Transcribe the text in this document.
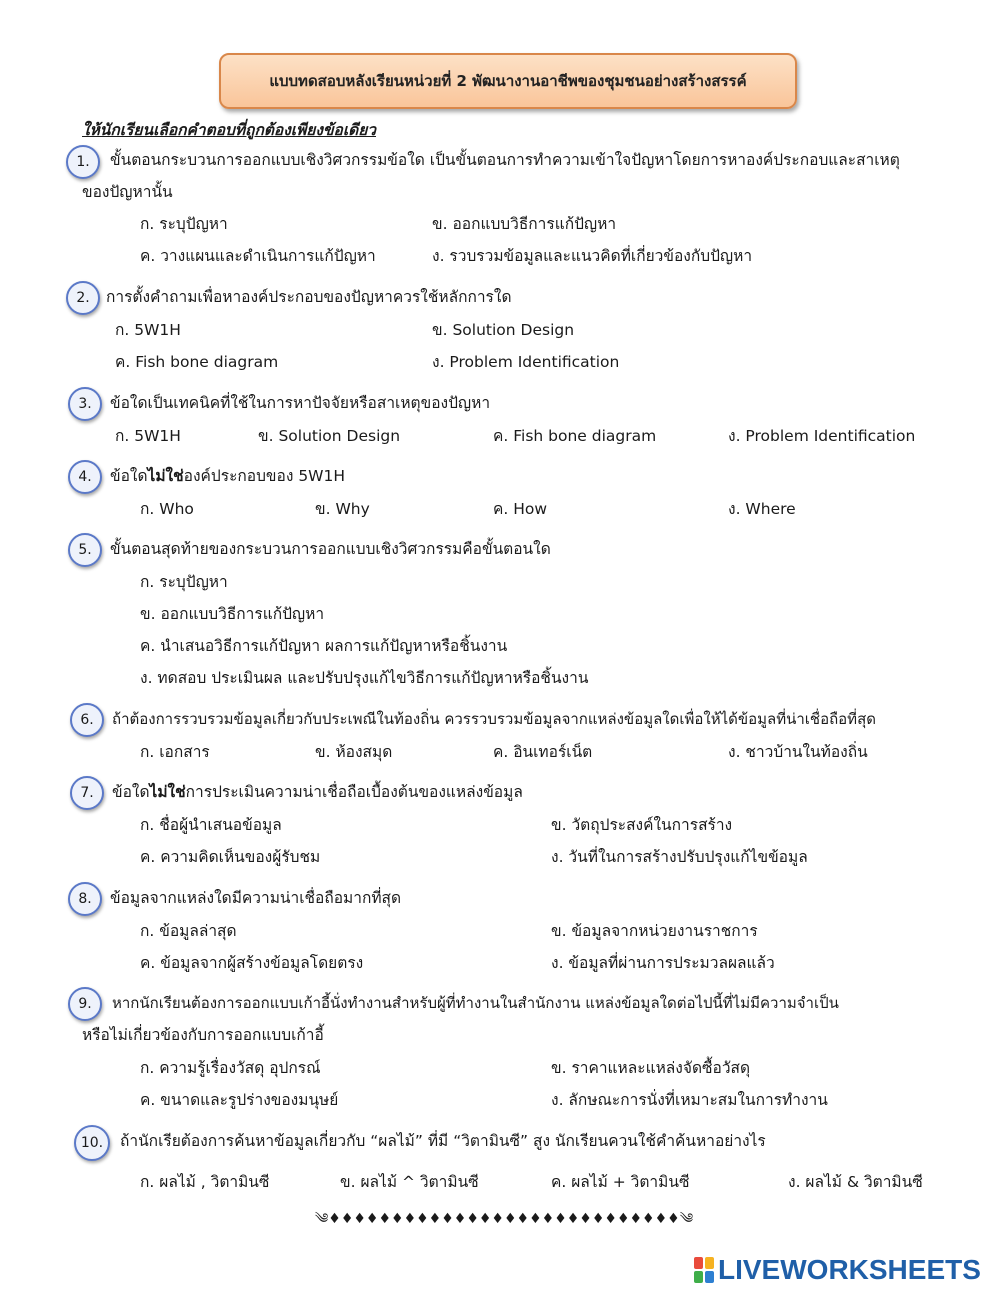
แบบทดสอบหลังเรียนหน่วยที่ 2 พัฒนางานอาชีพของชุมชนอย่างสร้างสรรค์
ให้นักเรียนเลือกคำตอบที่ถูกต้องเพียงข้อเดียว
1.	ขั้นตอนกระบวนการออกแบบเชิงวิศวกรรมข้อใด เป็นขั้นตอนการทำความเข้าใจปัญหาโดยการหาองค์ประกอบและสาเหตุ
ของปัญหานั้น
ก. ระบุปัญหา	ข. ออกแบบวิธีการแก้ปัญหา
ค. วางแผนและดำเนินการแก้ปัญหา	ง. รวบรวมข้อมูลและแนวคิดที่เกี่ยวข้องกับปัญหา
2.	การตั้งคำถามเพื่อหาองค์ประกอบของปัญหาควรใช้หลักการใด
ก. 5W1H	ข. Solution Design
ค. Fish bone diagram	ง. Problem Identification
3.	ข้อใดเป็นเทคนิคที่ใช้ในการหาปัจจัยหรือสาเหตุของปัญหา
ก. 5W1H	ข. Solution Design	ค. Fish bone diagram	ง. Problem Identification
4.	ข้อใดไม่ใช่องค์ประกอบของ 5W1H
ก. Who	ข. Why	ค. How	ง. Where
5.	ขั้นตอนสุดท้ายของกระบวนการออกแบบเชิงวิศวกรรมคือขั้นตอนใด
ก. ระบุปัญหา
ข. ออกแบบวิธีการแก้ปัญหา
ค. นำเสนอวิธีการแก้ปัญหา ผลการแก้ปัญหาหรือชิ้นงาน
ง. ทดสอบ ประเมินผล และปรับปรุงแก้ไขวิธีการแก้ปัญหาหรือชิ้นงาน
6.	ถ้าต้องการรวบรวมข้อมูลเกี่ยวกับประเพณีในท้องถิ่น ควรรวบรวมข้อมูลจากแหล่งข้อมูลใดเพื่อให้ได้ข้อมูลที่น่าเชื่อถือที่สุด
ก. เอกสาร	ข. ห้องสมุด	ค. อินเทอร์เน็ต	ง. ชาวบ้านในท้องถิ่น
7.	ข้อใดไม่ใช่การประเมินความน่าเชื่อถือเบื้องต้นของแหล่งข้อมูล
ก. ชื่อผู้นำเสนอข้อมูล	ข. วัตถุประสงค์ในการสร้าง
ค. ความคิดเห็นของผู้รับชม	ง. วันที่ในการสร้างปรับปรุงแก้ไขข้อมูล
8.	ข้อมูลจากแหล่งใดมีความน่าเชื่อถือมากที่สุด
ก. ข้อมูลล่าสุด	ข. ข้อมูลจากหน่วยงานราชการ
ค. ข้อมูลจากผู้สร้างข้อมูลโดยตรง	ง. ข้อมูลที่ผ่านการประมวลผลแล้ว
9.	หากนักเรียนต้องการออกแบบเก้าอี้นั่งทำงานสำหรับผู้ที่ทำงานในสำนักงาน แหล่งข้อมูลใดต่อไปนี้ที่ไม่มีความจำเป็น
หรือไม่เกี่ยวข้องกับการออกแบบเก้าอี้
ก. ความรู้เรื่องวัสดุ อุปกรณ์	ข. ราคาแหละแหล่งจัดซื้อวัสดุ
ค. ขนาดและรูปร่างของมนุษย์	ง. ลักษณะการนั่งที่เหมาะสมในการทำงาน
10.	ถ้านักเรียต้องการค้นหาข้อมูลเกี่ยวกับ “ผลไม้” ที่มี “วิตามินซี” สูง นักเรียนควนใช้คำค้นหาอย่างไร
ก. ผลไม้ , วิตามินซี	ข. ผลไม้ ^ วิตามินซี	ค. ผลไม้ + วิตามินซี	ง. ผลไม้ & วิตามินซี
༄♦♦♦♦♦♦♦♦♦♦♦♦♦♦♦♦♦♦♦♦♦♦♦♦♦♦♦♦༄
LIVEWORKSHEETS
